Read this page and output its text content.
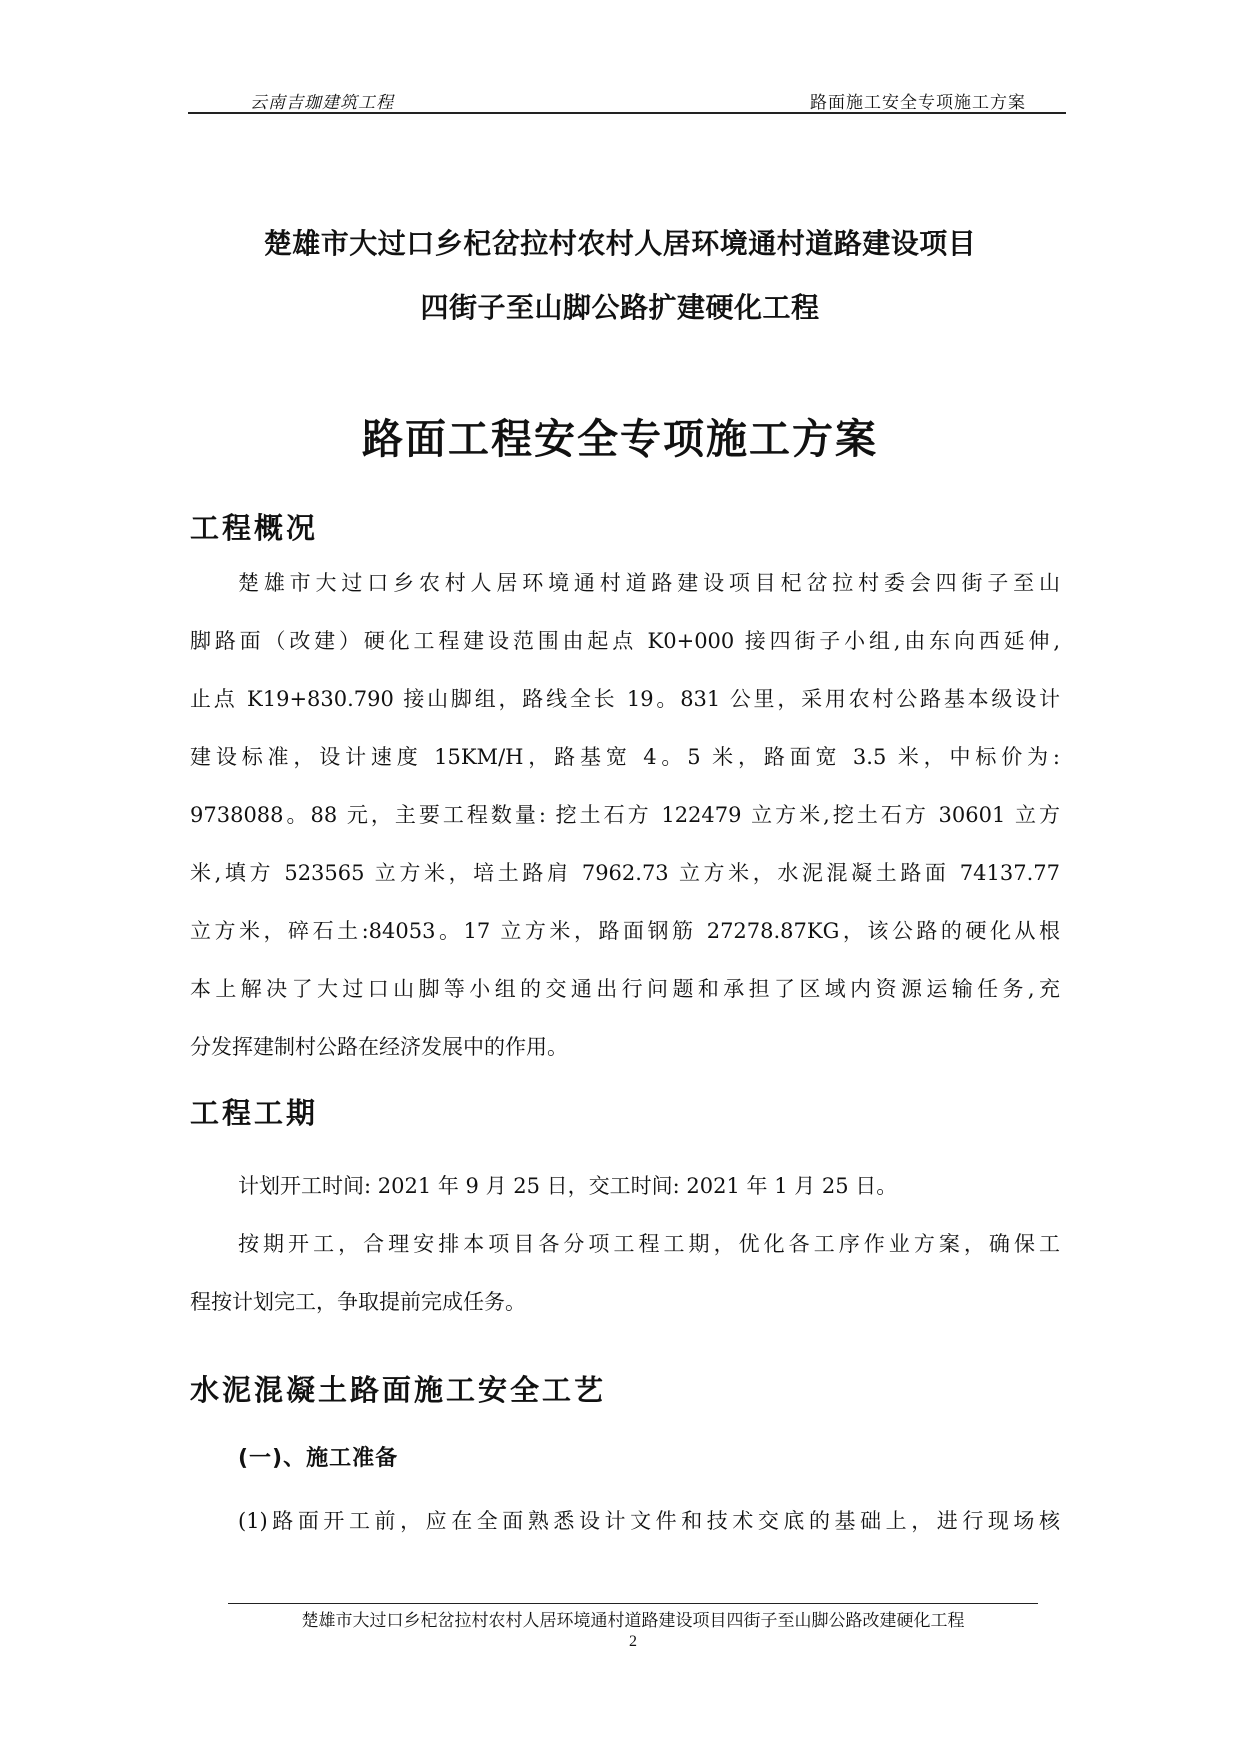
云南吉珈建筑工程	路面施工安全专项施工方案
楚雄市大过口乡杞岔拉村农村人居环境通村道路建设项目
四街子至山脚公路扩建硬化工程
路面工程安全专项施工方案
工程概况
楚雄市大过口乡农村人居环境通村道路建设项目杞岔拉村委会四街子至山
脚路面（改建）硬化工程建设范围由起点 K0+000 接四街子小组,由东向西延伸,
止点 K19+830.790 接山脚组，路线全长 19。831 公里，采用农村公路基本级设计
建设标准，设计速度 15KM/H，路基宽 4。5 米，路面宽 3.5 米，中标价为:
9738088。88 元，主要工程数量: 挖土石方 122479 立方米,挖土石方 30601 立方
米,填方 523565 立方米，培土路肩 7962.73 立方米，水泥混凝土路面 74137.77
立方米，碎石土:84053。17 立方米，路面钢筋 27278.87KG，该公路的硬化从根
本上解决了大过口山脚等小组的交通出行问题和承担了区域内资源运输任务,充
分发挥建制村公路在经济发展中的作用。
工程工期
计划开工时间: 2021 年 9 月 25 日，交工时间: 2021 年 1 月 25 日。
按期开工，合理安排本项目各分项工程工期，优化各工序作业方案，确保工
程按计划完工，争取提前完成任务。
水泥混凝土路面施工安全工艺
(一)、施工准备
(1)路面开工前，应在全面熟悉设计文件和技术交底的基础上，进行现场核
楚雄市大过口乡杞岔拉村农村人居环境通村道路建设项目四街子至山脚公路改建硬化工程
2
